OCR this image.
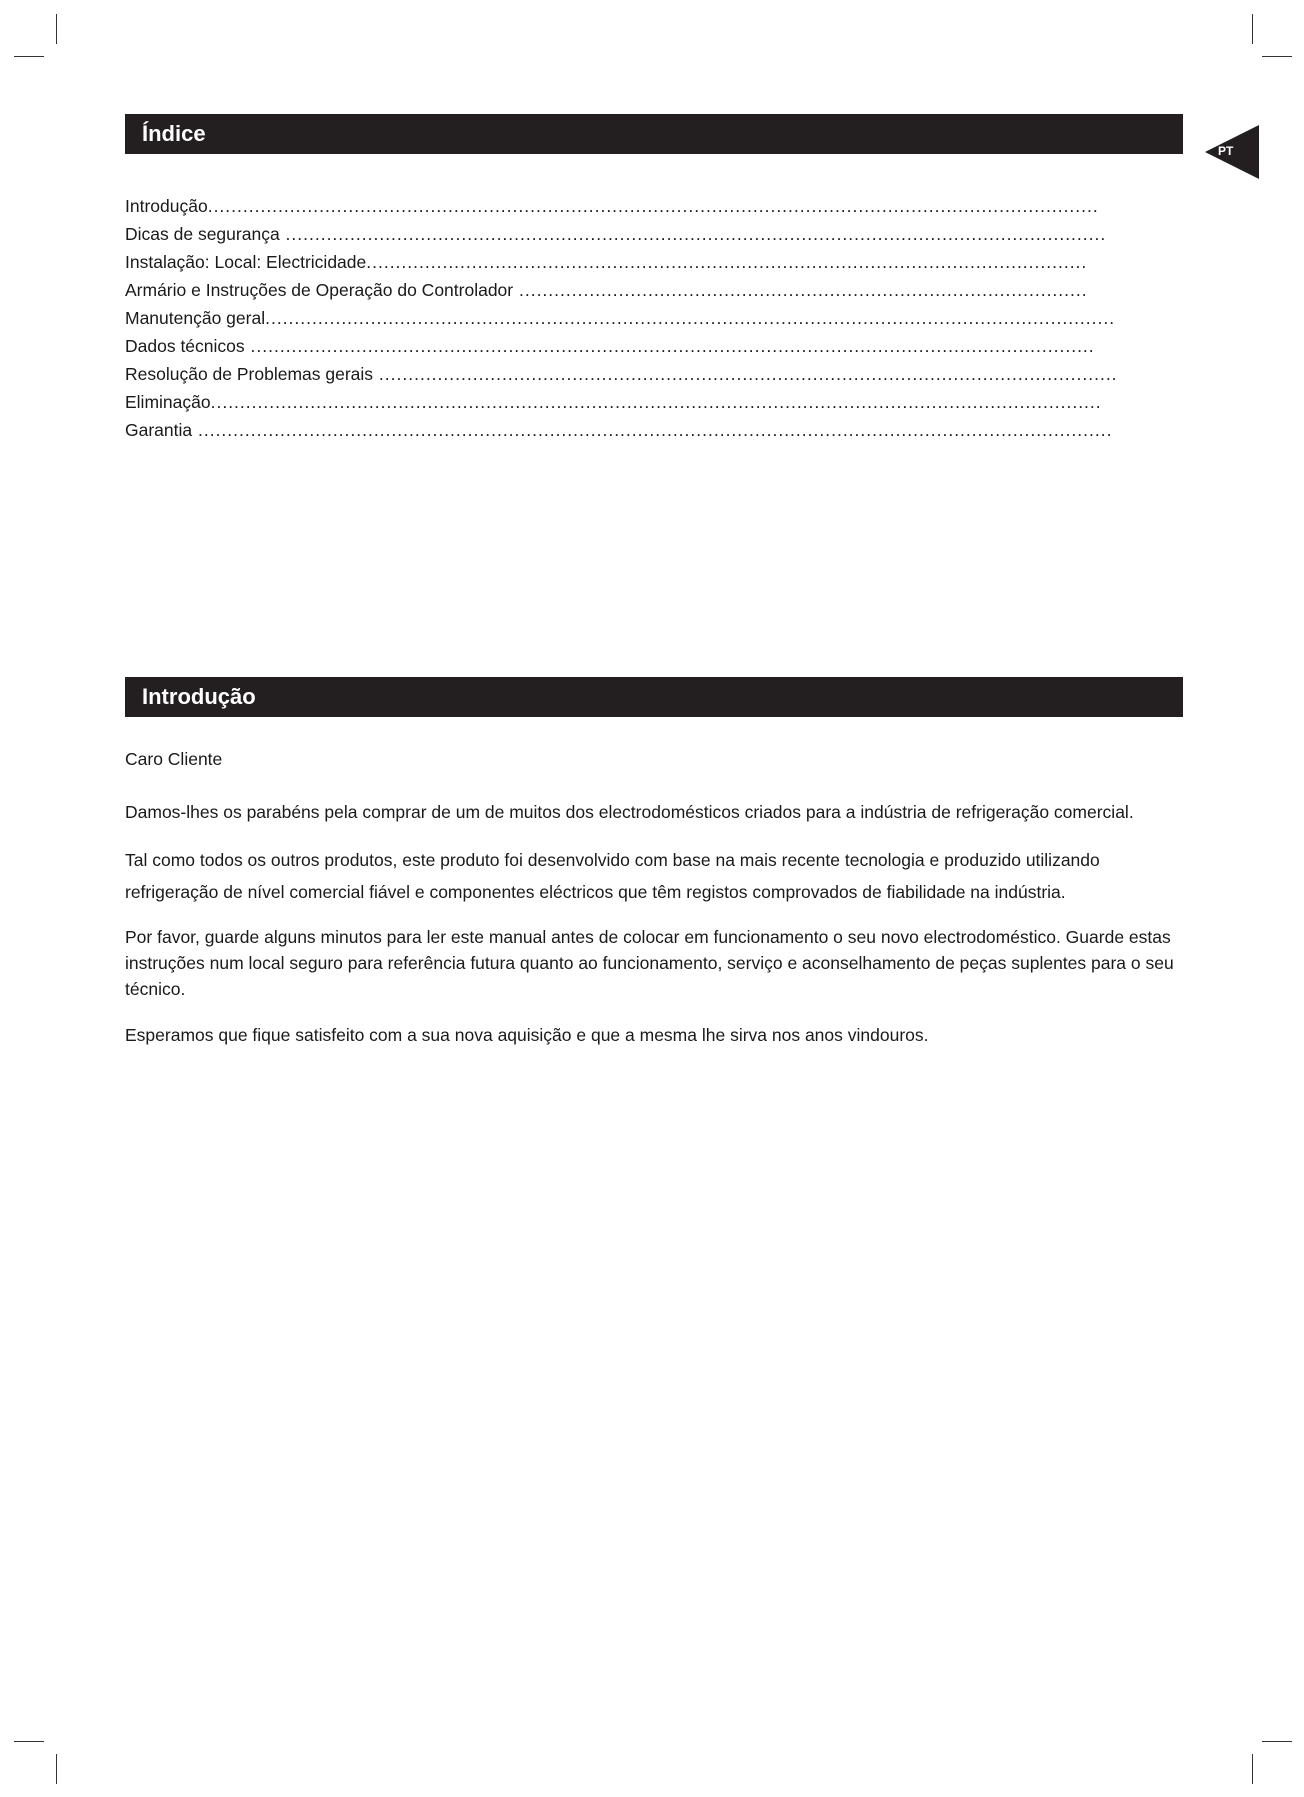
PT
Índice
Introdução........................................................................................................................................................
Dicas de segurança ............................................................................................................................................
Instalação: Local: Electricidade...........................................................................................................................
Armário e Instruções de Operação do Controlador .................................................................................................
Manutenção geral.................................................................................................................................................
Dados técnicos ................................................................................................................................................
Resolução de Problemas gerais ..............................................................................................................................
Eliminação........................................................................................................................................................
Garantia ............................................................................................................................................................
Introdução

Caro Cliente

Damos-lhes os parabéns pela comprar de um de muitos dos electrodomésticos criados para a indústria de refrigeração comercial.

Tal como todos os outros produtos, este produto foi desenvolvido com base na mais recente tecnologia e produzido utilizando refrigeração de nível comercial fiável e componentes eléctricos que têm registos comprovados de fiabilidade na indústria.

Por favor, guarde alguns minutos para ler este manual antes de colocar em funcionamento o seu novo electrodoméstico. Guarde estas instruções num local seguro para referência futura quanto ao funcionamento, serviço e aconselhamento de peças suplentes para o seu técnico.

Esperamos que fique satisfeito com a sua nova aquisição e que a mesma lhe sirva nos anos vindouros.
